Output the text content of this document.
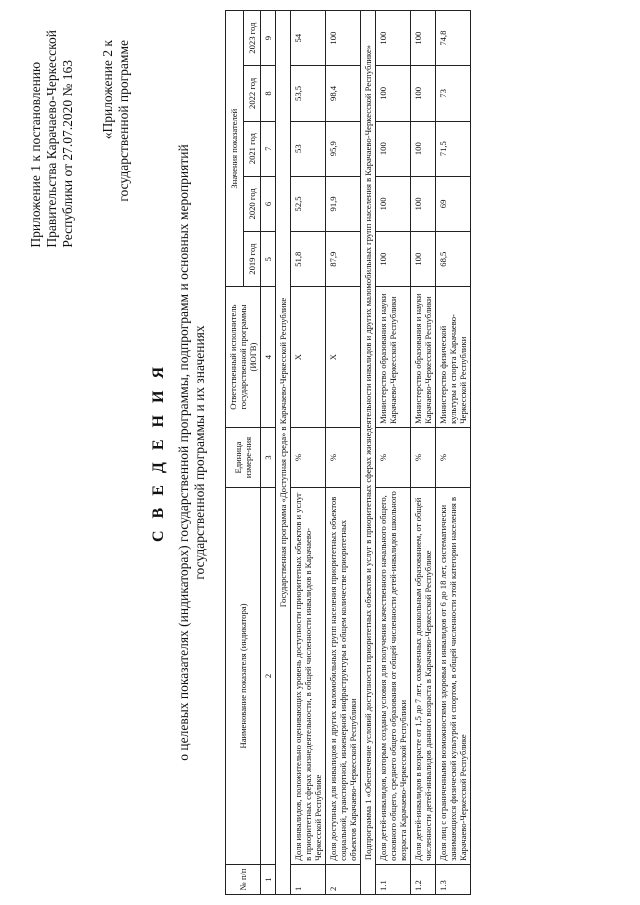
Приложение 1 к постановлению Правительства Карачаево-Черкесской Республики от 27.07.2020 № 163 «Приложение 2 к государственной программе
С В Е Д Е Н И Я о целевых показателях (индикаторах) государственной программы, подпрограмм и основных мероприятий государственной программы и их значениях
№ п/п	Наименование показателя (индикатора)	Единица измере-ния	Ответственный исполнитель государственной программы (ИОГВ)	Значения показателей				
				2019 год	2020 год	2021 год	2022 год	2023 год
1	2	3	4	5	6	7	8	9
Государственная программа «Доступная среда» в Карачаево-Черкесской Республике								
1	Доля инвалидов, положительно оценивающих уровень доступности приоритетных объектов и услуг в приоритетных сферах жизнедеятельности, в общей численности инвалидов в Карачаево-Черкесской Республике	%	Х	51,8	52,5	53	53,5	54
2	Доля доступных для инвалидов и других маломобильных групп населения приоритетных объектов социальной, транспортной, инженерной инфраструктуры в общем количестве приоритетных объектов Карачаево-Черкесской Республики	%	Х	87,9	91,9	95,9	98,4	100
Подпрограмма 1 «Обеспечение условий доступности приоритетных объектов и услуг в приоритетных сферах жизнедеятельности инвалидов и других маломобильных групп населения в Карачаево-Черкесской Республике»								
1.1	Доля детей-инвалидов, которым созданы условия для получения качественного начального общего, основного общего, среднего общего образования от общей численности детей-инвалидов школьного возраста Карачаево-Черкесской Республики	%	Министерство образования и науки Карачаево-Черкесской Республики	100	100	100	100	100
1.2	Доля детей-инвалидов в возрасте от 1,5 до 7 лет, охваченных дошкольным образованием, от общей численности детей-инвалидов данного возраста в Карачаево-Черкесской Республике	%	Министерство образования и науки Карачаево-Черкесской Республики	100	100	100	100	100
1.3	Доля лиц с ограниченными возможностями здоровья и инвалидов от 6 до 18 лет, систематически занимающихся физической культурой и спортом, в общей численности этой категории населения в Карачаево-Черкесской Республике	%	Министерство физической культуры и спорта Карачаево-Черкесской Республики	68,5	69	71,5	73	74,8
